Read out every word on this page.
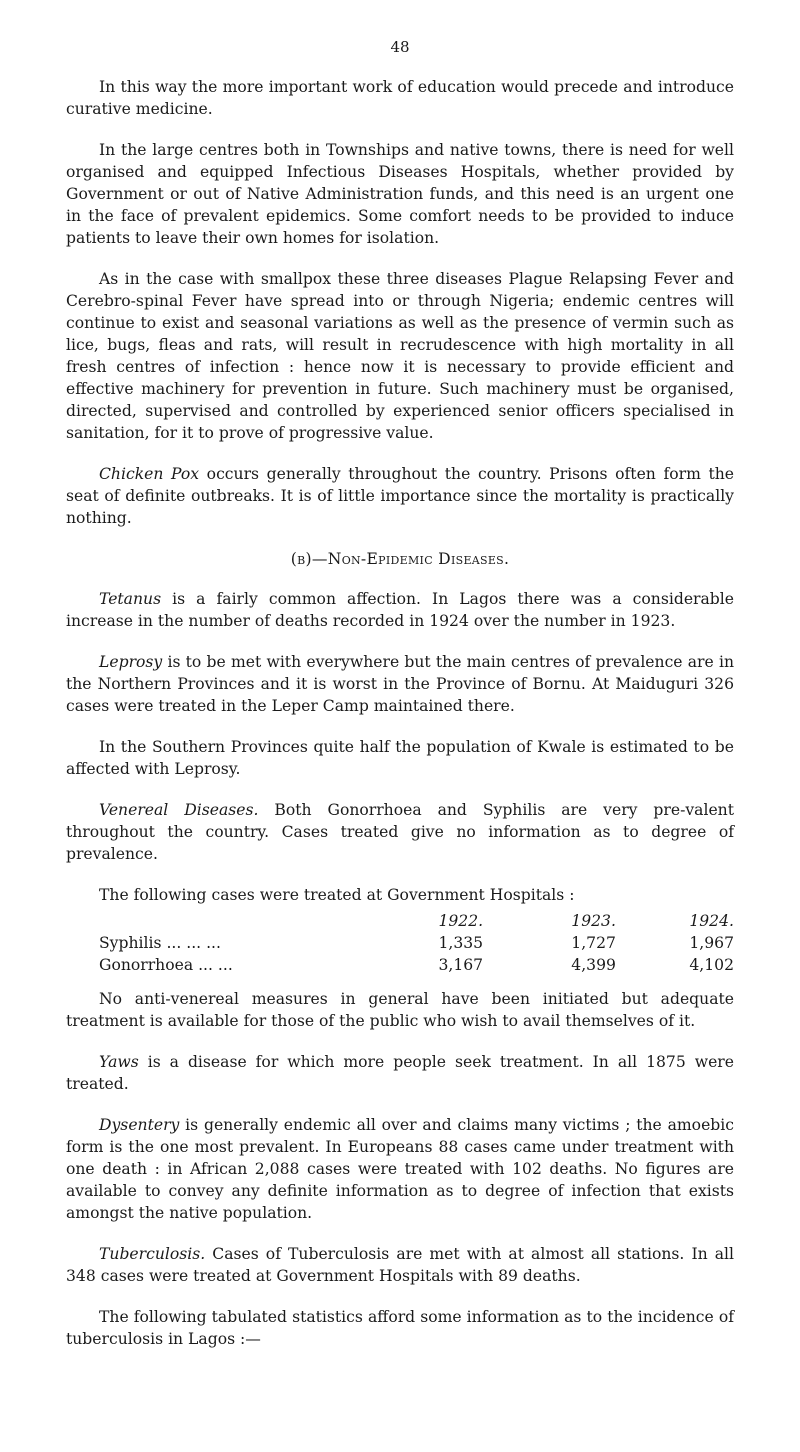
48

In this way the more important work of education would precede and introduce curative medicine.

In the large centres both in Townships and native towns, there is need for well organised and equipped Infectious Diseases Hospitals, whether provided by Government or out of Native Administration funds, and this need is an urgent one in the face of prevalent epidemics. Some comfort needs to be provided to induce patients to leave their own homes for isolation.

As in the case with smallpox these three diseases Plague Relapsing Fever and Cerebro-spinal Fever have spread into or through Nigeria; endemic centres will continue to exist and seasonal variations as well as the presence of vermin such as lice, bugs, fleas and rats, will result in recrudescence with high mortality in all fresh centres of infection : hence now it is necessary to provide efficient and effective machinery for prevention in future. Such machinery must be organised, directed, supervised and controlled by experienced senior officers specialised in sanitation, for it to prove of progressive value.

Chicken Pox occurs generally throughout the country. Prisons often form the seat of definite outbreaks. It is of little importance since the mortality is practically nothing.

(b)—Non-Epidemic Diseases.

Tetanus is a fairly common affection. In Lagos there was a considerable increase in the number of deaths recorded in 1924 over the number in 1923.

Leprosy is to be met with everywhere but the main centres of prevalence are in the Northern Provinces and it is worst in the Province of Bornu. At Maiduguri 326 cases were treated in the Leper Camp maintained there.

In the Southern Provinces quite half the population of Kwale is estimated to be affected with Leprosy.

Venereal Diseases. Both Gonorrhoea and Syphilis are very pre-valent throughout the country. Cases treated give no information as to degree of prevalence.

The following cases were treated at Government Hospitals :

	1922.	1923.	1924.
Syphilis ... ... ...	1,335	1,727	1,967
Gonorrhoea ... ...	3,167	4,399	4,102

No anti-venereal measures in general have been initiated but adequate treatment is available for those of the public who wish to avail themselves of it.

Yaws is a disease for which more people seek treatment. In all 1875 were treated.

Dysentery is generally endemic all over and claims many victims ; the amoebic form is the one most prevalent. In Europeans 88 cases came under treatment with one death : in African 2,088 cases were treated with 102 deaths. No figures are available to convey any definite information as to degree of infection that exists amongst the native population.

Tuberculosis. Cases of Tuberculosis are met with at almost all stations. In all 348 cases were treated at Government Hospitals with 89 deaths.

The following tabulated statistics afford some information as to the incidence of tuberculosis in Lagos :—
